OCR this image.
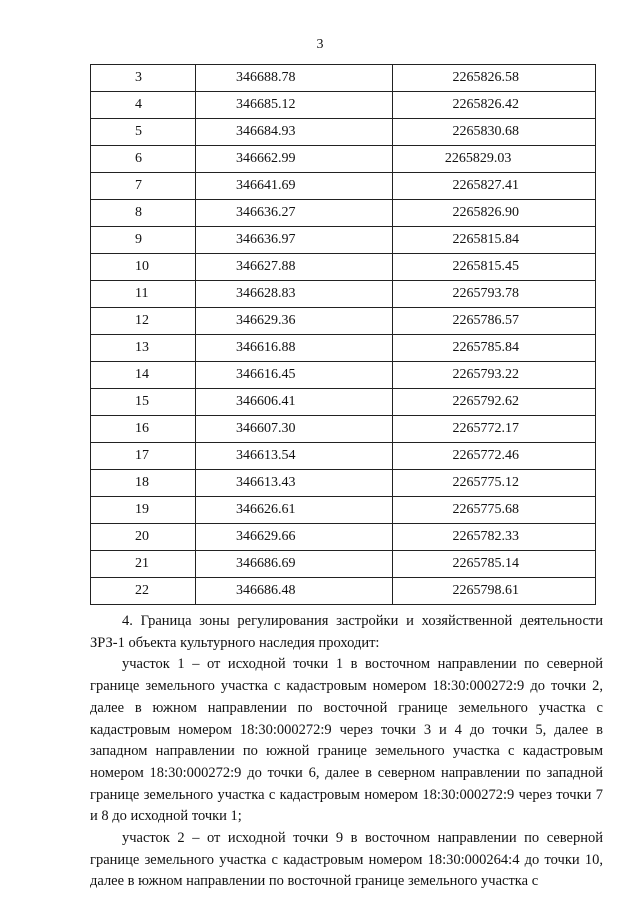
3
3	346688.78	2265826.58
4	346685.12	2265826.42
5	346684.93	2265830.68
6	346662.99	2265829.03
7	346641.69	2265827.41
8	346636.27	2265826.90
9	346636.97	2265815.84
10	346627.88	2265815.45
11	346628.83	2265793.78
12	346629.36	2265786.57
13	346616.88	2265785.84
14	346616.45	2265793.22
15	346606.41	2265792.62
16	346607.30	2265772.17
17	346613.54	2265772.46
18	346613.43	2265775.12
19	346626.61	2265775.68
20	346629.66	2265782.33
21	346686.69	2265785.14
22	346686.48	2265798.61

4. Граница зоны регулирования застройки и хозяйственной деятельности ЗРЗ-1 объекта культурного наследия проходит:

участок 1 – от исходной точки 1 в восточном направлении по северной границе земельного участка с кадастровым номером 18:30:000272:9 до точки 2, далее в южном направлении по восточной границе земельного участка с кадастровым номером 18:30:000272:9 через точки 3 и 4 до точки 5, далее в западном направлении по южной границе земельного участка с кадастровым номером 18:30:000272:9 до точки 6, далее в северном направлении по западной границе земельного участка с кадастровым номером 18:30:000272:9 через точки 7 и 8 до исходной точки 1;

участок 2 – от исходной точки 9 в восточном направлении по северной границе земельного участка с кадастровым номером 18:30:000264:4 до точки 10, далее в южном направлении по восточной границе земельного участка с
